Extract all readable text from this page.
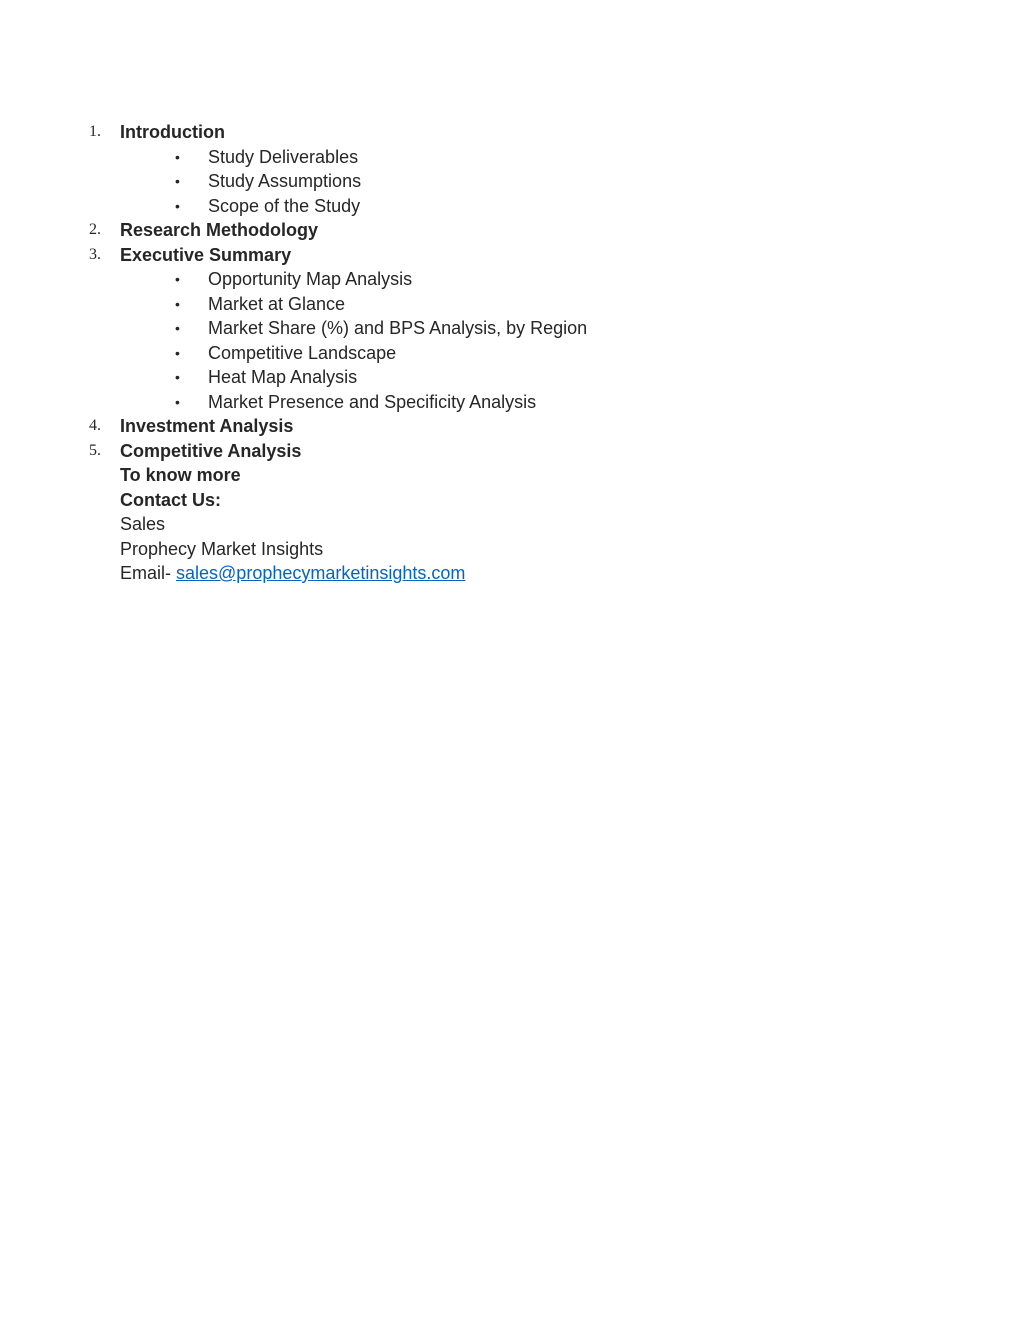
1. Introduction
• Study Deliverables
• Study Assumptions
• Scope of the Study
2. Research Methodology
3. Executive Summary
• Opportunity Map Analysis
• Market at Glance
• Market Share (%) and BPS Analysis, by Region
• Competitive Landscape
• Heat Map Analysis
• Market Presence and Specificity Analysis
4. Investment Analysis
5. Competitive Analysis
To know more
Contact Us:
Sales
Prophecy Market Insights
Email- sales@prophecymarketinsights.com
